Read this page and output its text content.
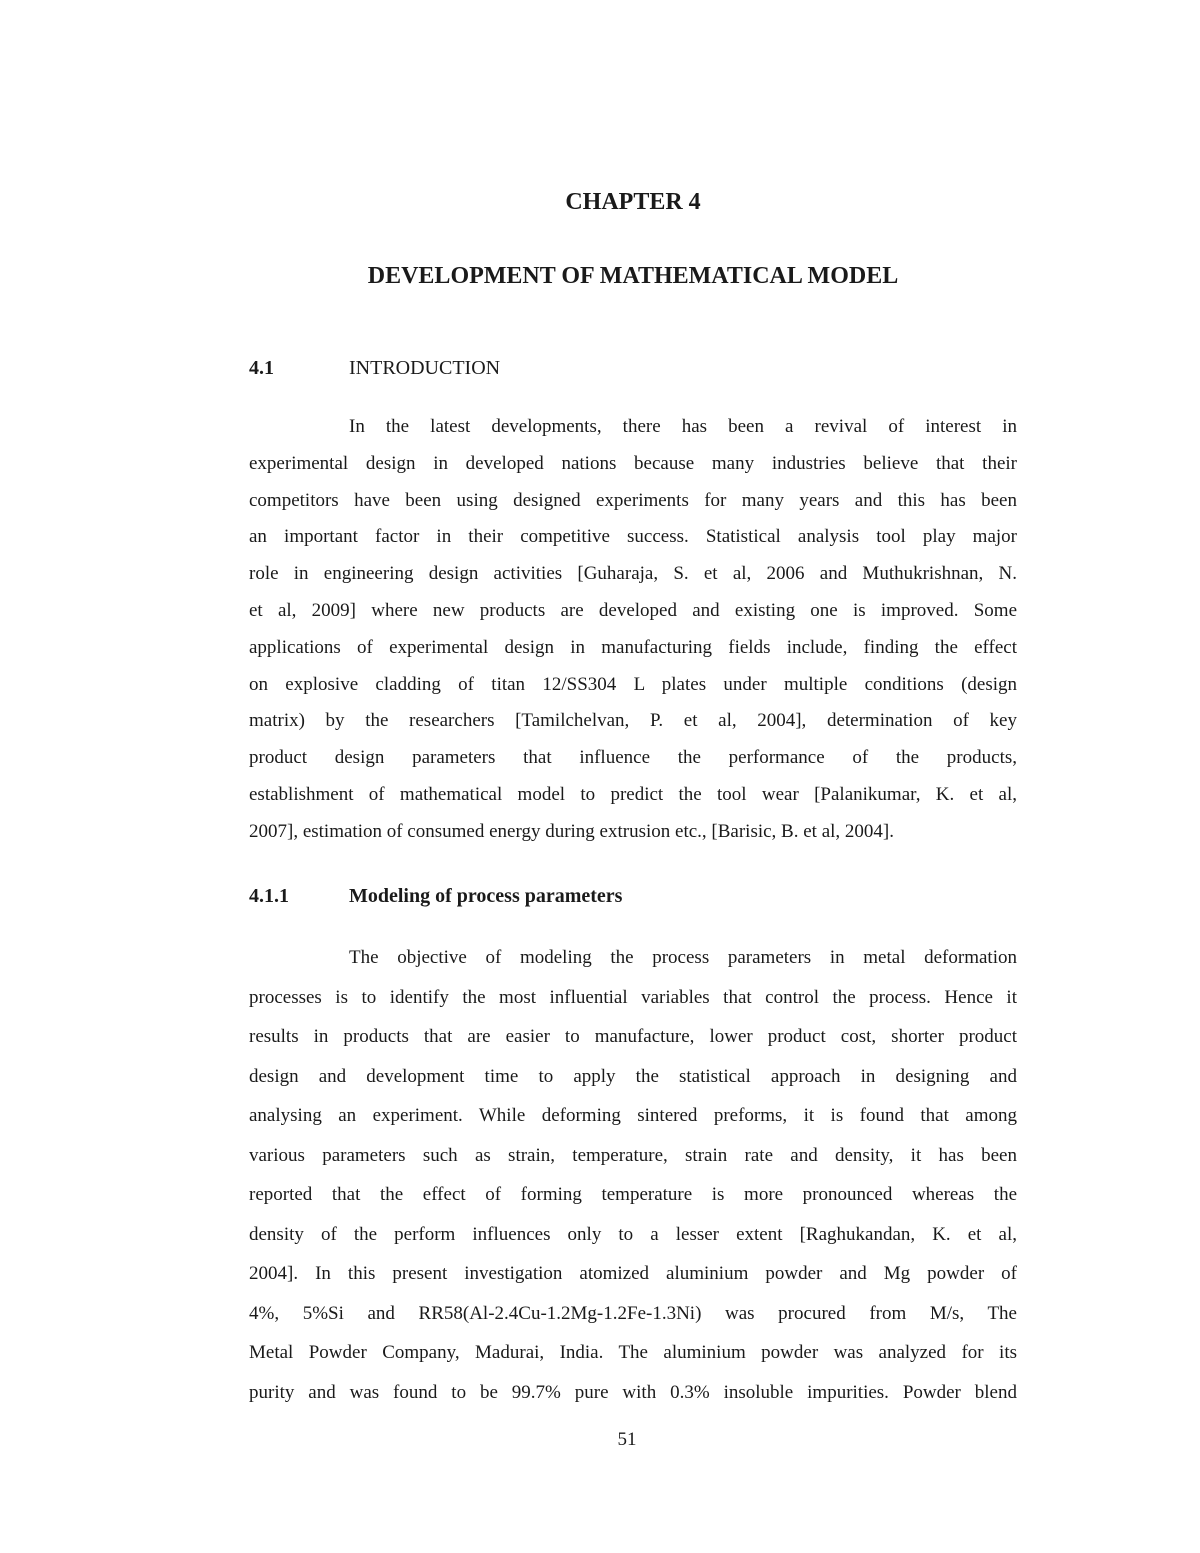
CHAPTER 4
DEVELOPMENT OF MATHEMATICAL MODEL
4.1	INTRODUCTION
In the latest developments, there has been a revival of interest in
experimental design in developed nations because many industries believe that their
competitors have been using designed experiments for many years and this has been
an important factor in their competitive success. Statistical analysis tool play major
role in engineering design activities [Guharaja, S. et al, 2006 and Muthukrishnan, N.
et al, 2009] where new products are developed and existing one is improved. Some
applications of experimental design in manufacturing fields include, finding the effect
on explosive cladding of titan 12/SS304 L plates under multiple conditions (design
matrix) by the researchers [Tamilchelvan, P. et al, 2004], determination of key
product design parameters that influence the performance of the products,
establishment of mathematical model to predict the tool wear [Palanikumar, K. et al,
2007], estimation of consumed energy during extrusion etc., [Barisic, B. et al, 2004].
4.1.1	Modeling of process parameters
The objective of modeling the process parameters in metal deformation
processes is to identify the most influential variables that control the process. Hence it
results in products that are easier to manufacture, lower product cost, shorter product
design and development time to apply the statistical approach in designing and
analysing an experiment. While deforming sintered preforms, it is found that among
various parameters such as strain, temperature, strain rate and density, it has been
reported that the effect of forming temperature is more pronounced whereas the
density of the perform influences only to a lesser extent [Raghukandan, K. et al,
2004]. In this present investigation atomized aluminium powder and Mg powder of
4%, 5%Si and RR58(Al-2.4Cu-1.2Mg-1.2Fe-1.3Ni) was procured from M/s, The
Metal Powder Company, Madurai, India. The aluminium powder was analyzed for its
purity and was found to be 99.7% pure with 0.3% insoluble impurities. Powder blend
51
